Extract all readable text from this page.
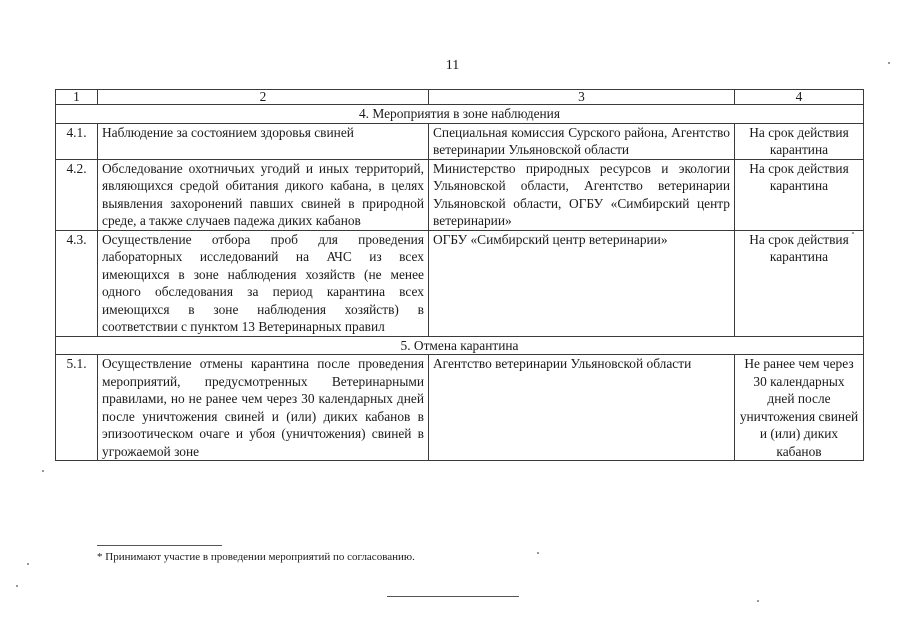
11
1	2	3	4
4. Мероприятия в зоне наблюдения			
4.1.	Наблюдение за состоянием здоровья свиней	Специальная комиссия Сурского района, Агентство ветеринарии Ульяновской области	На срок действия карантина
4.2.	Обследование охотничьих угодий и иных территорий, являющихся средой обитания дикого кабана, в целях выявления захоронений павших свиней в природной среде, а также случаев падежа диких кабанов	Министерство природных ресурсов и экологии Ульяновской области, Агентство ветеринарии Ульяновской области, ОГБУ «Симбирский центр ветеринарии»	На срок действия карантина
4.3.	Осуществление отбора проб для проведения лабораторных исследований на АЧС из всех имеющихся в зоне наблюдения хозяйств (не менее одного обследования за период карантина всех имеющихся в зоне наблюдения хозяйств) в соответствии с пунктом 13 Ветеринарных правил	ОГБУ «Симбирский центр ветеринарии»	На срок действия карантина
5. Отмена карантина			
5.1.	Осуществление отмены карантина после проведения мероприятий, предусмотренных Ветеринарными правилами, но не ранее чем через 30 календарных дней после уничтожения свиней и (или) диких кабанов в эпизоотическом очаге и убоя (уничтожения) свиней в угрожаемой зоне	Агентство ветеринарии Ульяновской области	Не ранее чем через 30 календарных дней после уничтожения свиней и (или) диких кабанов
* Принимают участие в проведении мероприятий по согласованию.
